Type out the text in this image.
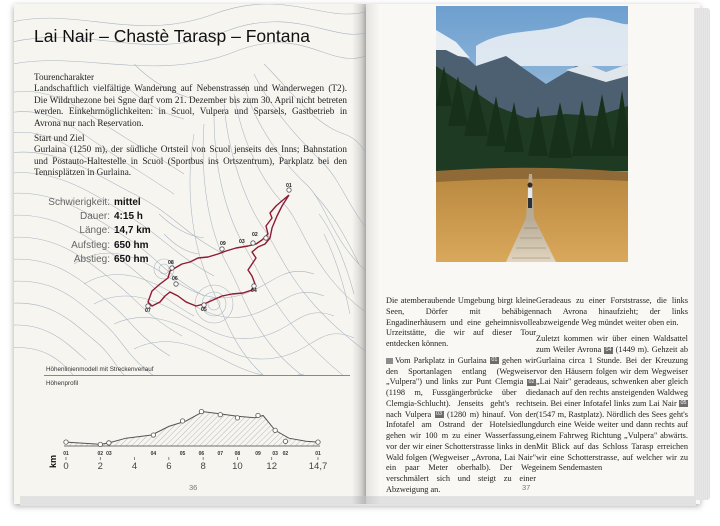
Lai Nair – Chastè Tarasp – Fontana
Tourencharakter
Landschaftlich vielfältige Wanderung auf Nebenstrassen und Wanderwegen (T2). Die Wildruhezone bei Sgne darf vom 21. Dezember bis zum 30. April nicht betreten werden. Einkehrmöglichkeiten: in Scuol, Vulpera und Sparsels, Gastbetrieb in Avrona nur nach Reservation.
Start und Ziel
Gurlaina (1250 m), der südliche Ortsteil von Scuol jenseits des Inns; Bahnstation und Postauto-Haltestelle in Scuol (Sportbus ins Ortszentrum), Parkplatz bei den Tennisplätzen in Gurlaina.
Schwierigkeit: mittel
Dauer: 4:15 h
Länge: 14,7 km
Aufstieg: 650 hm
Abstieg: 650 hm
01
02
03
04
05
06
07
08
09
Höhenlinienmodell mit Streckenverlauf
Höhenprofil
01	02 03	04	05	06	07 08	09 03 02	01
0	2	4	6	8	10 12	14,7
km
36

Die atemberaubende Umgebung birgt kleine Seen, Dörfer mit behäbigen Engadinerhäusern und eine geheimnisvolle Urzeitstätte, die wir auf dieser Tour entdecken können.

Vom Parkplatz in Gurlaina 01 gehen wir den Sportanlagen entlang (Wegweiser „Vulpera") und links zur Punt Clemgia 02 (1198 m, Fussgängerbrücke über die Clemgia-Schlucht). Jenseits geht's rechts nach Vulpera 03 (1280 m) hinauf. Von der Infotafel am Ostrand der Hotelsiedlung gehen wir 100 m zu einer Wasserfassung, vor der wir einer Schotterstrasse links in den Wald folgen (Wegweiser „Avrona, Lai Nair" ein paar Meter oberhalb). Der Weg verschmälert sich und steigt zu einer Abzweigung an.

Geradeaus zu einer Forststrasse, die links nach Avrona hinaufzieht; der links abzweigende Weg mündet weiter oben ein.

Zuletzt kommen wir über einen Waldsattel zum Weiler Avrona 04 (1449 m). Gehzeit ab Gurlaina circa 1 Stunde. Bei der Kreuzung vor den Häusern folgen wir dem Wegweiser „Lai Nair" geradeaus, schwenken aber gleich danach auf den rechts ansteigenden Waldweg ein. Bei einer Infotafel links zum Lai Nair 05 (1547 m, Rastplatz). Nördlich des Sees geht's durch eine Weide weiter und dann rechts auf einem Fahrweg Richtung „Vulpera" abwärts. Mit Blick auf das Schloss Tarasp erreichen wir eine Schotterstrasse, auf welcher wir zu einem Sendemasten

37
